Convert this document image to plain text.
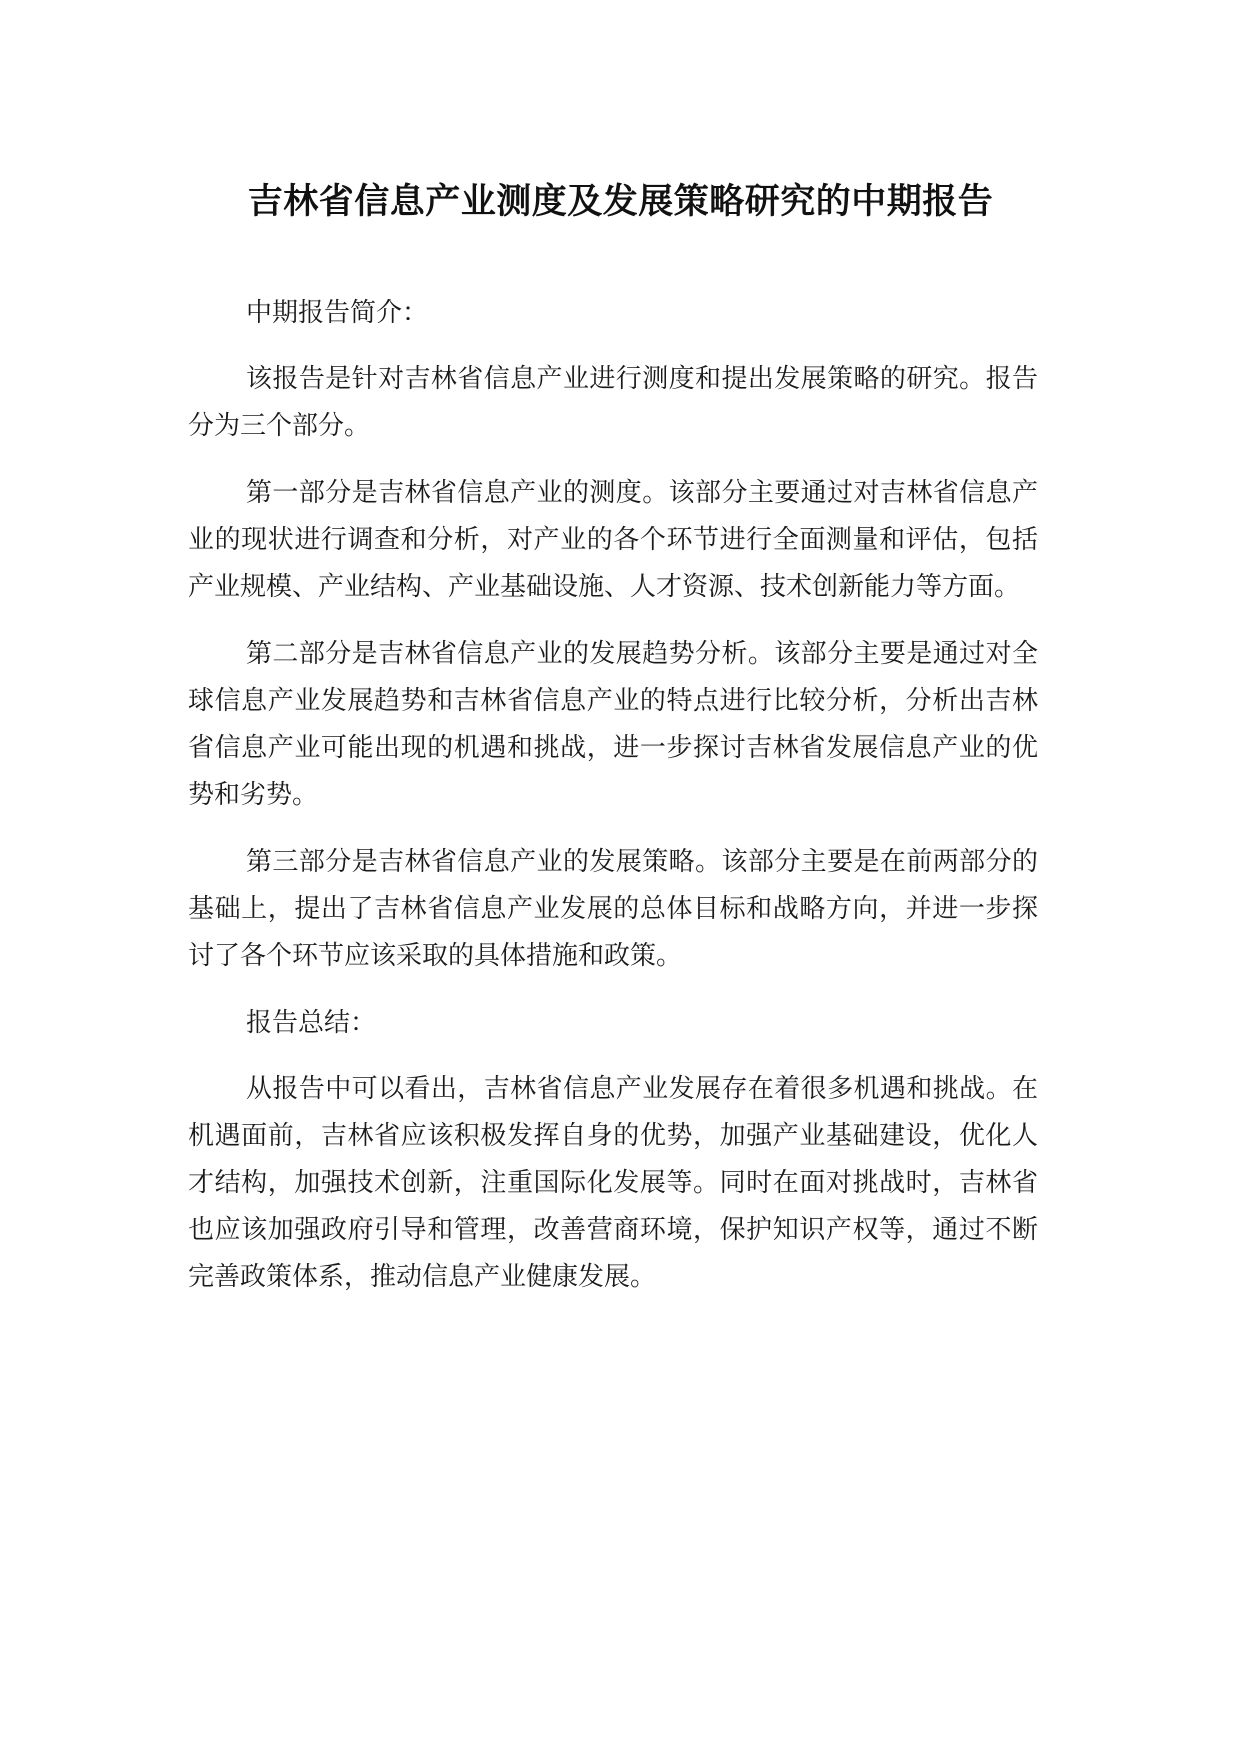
吉林省信息产业测度及发展策略研究的中期报告

中期报告简介：

该报告是针对吉林省信息产业进行测度和提出发展策略的研究。报告分为三个部分。

第一部分是吉林省信息产业的测度。该部分主要通过对吉林省信息产业的现状进行调查和分析，对产业的各个环节进行全面测量和评估，包括产业规模、产业结构、产业基础设施、人才资源、技术创新能力等方面。

第二部分是吉林省信息产业的发展趋势分析。该部分主要是通过对全球信息产业发展趋势和吉林省信息产业的特点进行比较分析，分析出吉林省信息产业可能出现的机遇和挑战，进一步探讨吉林省发展信息产业的优势和劣势。

第三部分是吉林省信息产业的发展策略。该部分主要是在前两部分的基础上，提出了吉林省信息产业发展的总体目标和战略方向，并进一步探讨了各个环节应该采取的具体措施和政策。

报告总结：

从报告中可以看出，吉林省信息产业发展存在着很多机遇和挑战。在机遇面前，吉林省应该积极发挥自身的优势，加强产业基础建设，优化人才结构，加强技术创新，注重国际化发展等。同时在面对挑战时，吉林省也应该加强政府引导和管理，改善营商环境，保护知识产权等，通过不断完善政策体系，推动信息产业健康发展。
